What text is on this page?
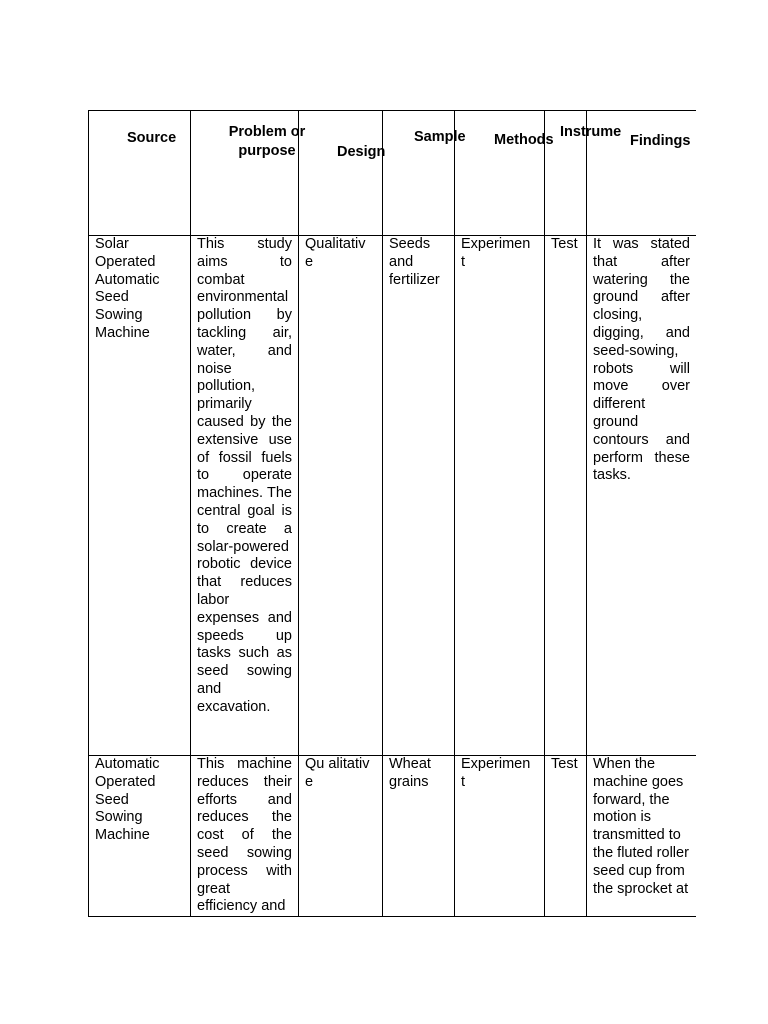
Source	Problem or purpose	Design	Sample	Methods	Instrume	Findings

Solar Operated Automatic Seed Sowing Machine	This study aims to combat environmental pollution by tackling air, water, and noise pollution, primarily caused by the extensive use of fossil fuels to operate machines. The central goal is to create a solar-powered robotic device that reduces labor expenses and speeds up tasks such as seed sowing and excavation.	Qualitativ e	Seeds and fertilizer	Experimen t	Test	It was stated that after watering the ground after closing, digging, and seed-sowing, robots will move over different ground contours and perform these tasks.

Automatic Operated Seed Sowing Machine	This machine reduces their efforts and reduces the cost of the seed sowing process with great efficiency and	Qu alitative	Wheat grains	Experimen t	Test	When the machine goes forward, the motion is transmitted to the fluted roller seed cup from the sprocket at
